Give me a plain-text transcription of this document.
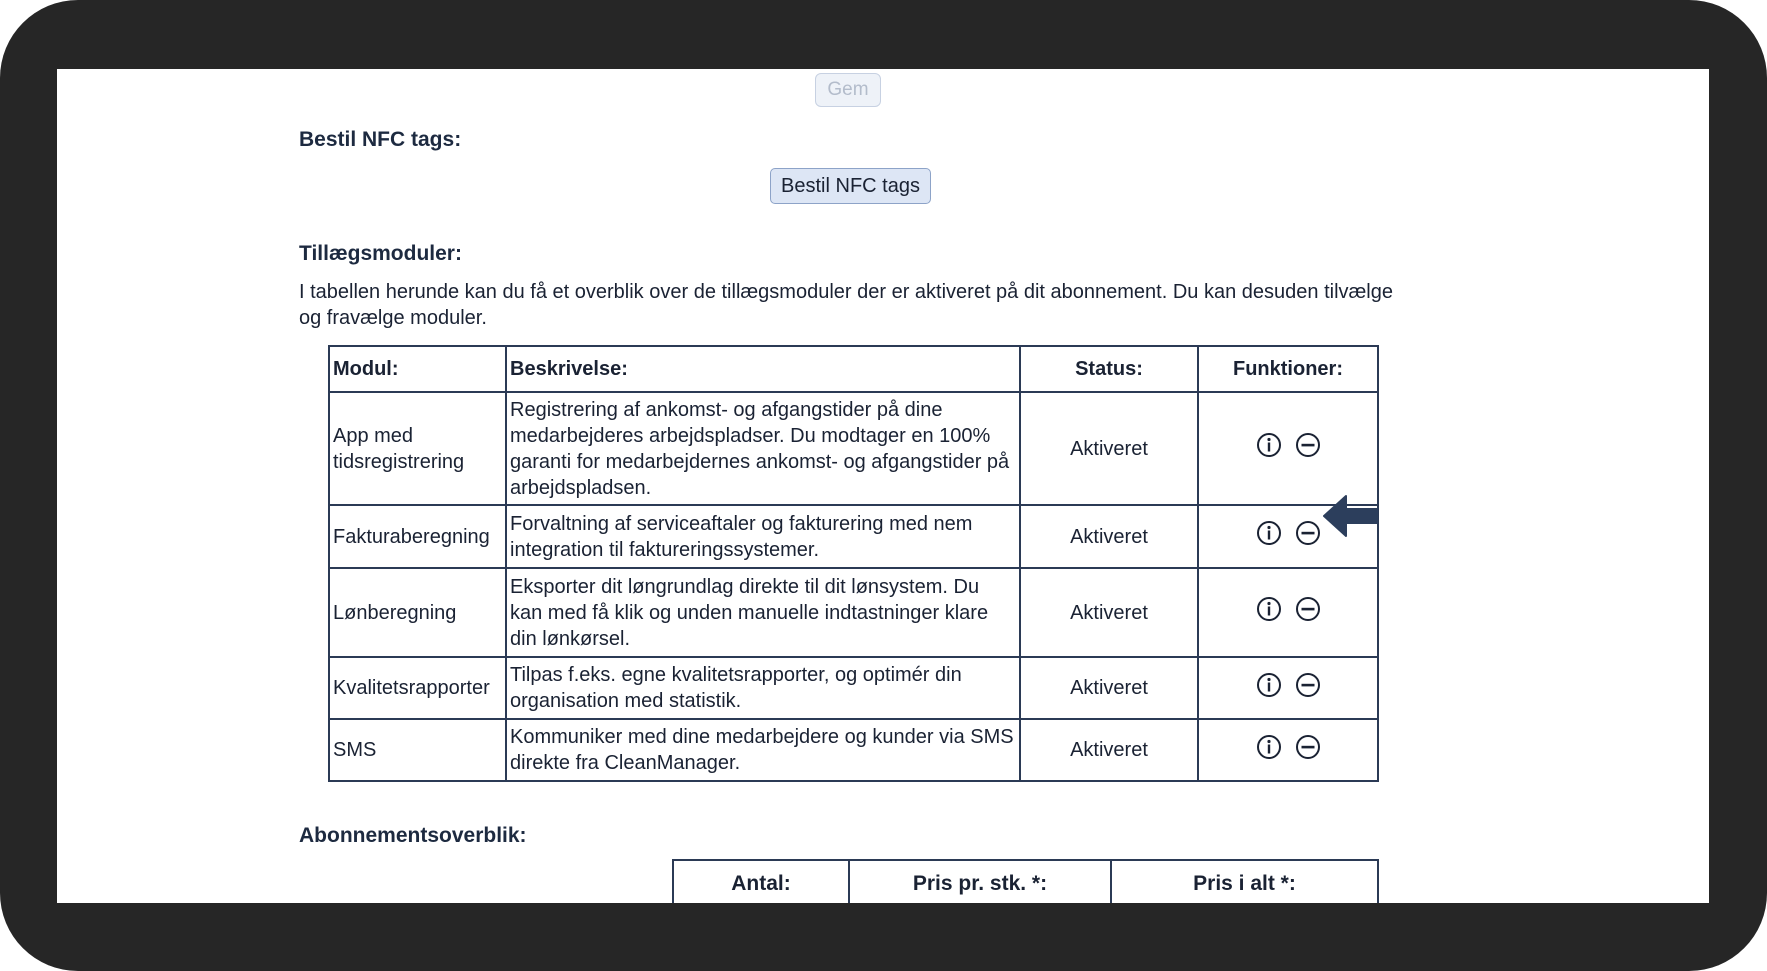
Gem
Bestil NFC tags:
Bestil NFC tags
Tillægsmoduler:
I tabellen herunde kan du få et overblik over de tillægsmoduler der er aktiveret på dit abonnement. Du kan desuden tilvælge og fravælge moduler.
Modul:	Beskrivelse:	Status:	Funktioner:
App med tidsregistrering	Registrering af ankomst- og afgangstider på dine medarbejderes arbejdspladser. Du modtager en 100% garanti for medarbejdernes ankomst- og afgangstider på arbejdspladsen.	Aktiveret	

Fakturaberegning	Forvaltning af serviceaftaler og fakturering med nem integration til faktureringssystemer.	Aktiveret	

Lønberegning	Eksporter dit løngrundlag direkte til dit lønsystem. Du kan med få klik og unden manuelle indtastninger klare din lønkørsel.	Aktiveret	

Kvalitetsrapporter	Tilpas f.eks. egne kvalitetsrapporter, og optimér din organisation med statistik.	Aktiveret	

SMS	Kommuniker med dine medarbejdere og kunder via SMS direkte fra CleanManager.	Aktiveret	
Abonnementsoverblik:
Antal:	Pris pr. stk. *:	Pris i alt *:
